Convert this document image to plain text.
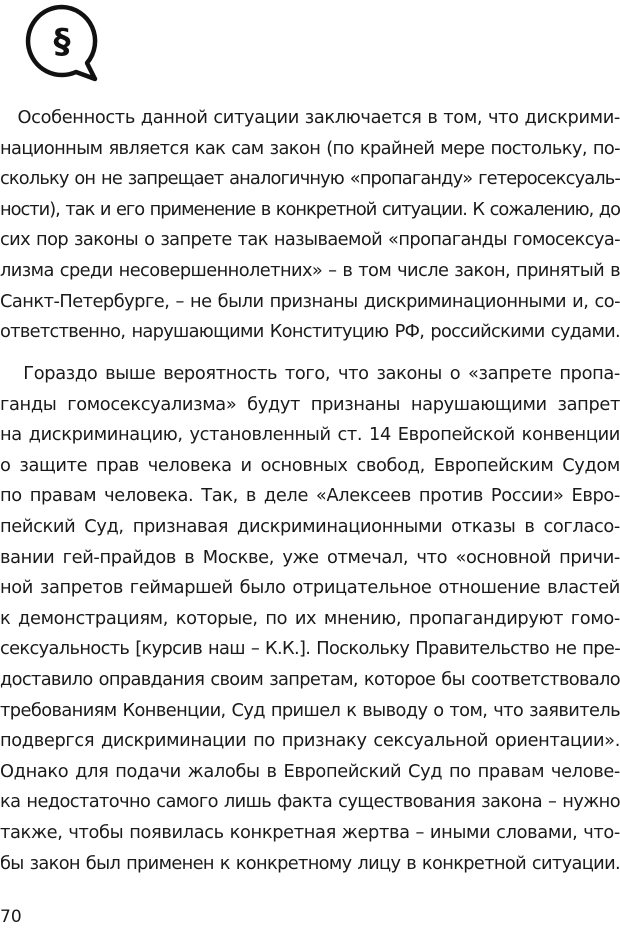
§
Особенность данной ситуации заключается в том, что дискрими-
национным является как сам закон (по крайней мере постольку, по-
скольку он не запрещает аналогичную «пропаганду» гетеросексуаль-
ности), так и его применение в конкретной ситуации. К сожалению, до
сих пор законы о запрете так называемой «пропаганды гомосексуа-
лизма среди несовершеннолетних» – в том числе закон, принятый в
Санкт-Петербурге, – не были признаны дискриминационными и, со-
ответственно, нарушающими Конституцию РФ, российскими судами.
Гораздо выше вероятность того, что законы о «запрете пропа-
ганды гомосексуализма» будут признаны нарушающими запрет
на дискриминацию, установленный ст. 14 Европейской конвенции
о защите прав человека и основных свобод, Европейским Судом
по правам человека. Так, в деле «Алексеев против России» Евро-
пейский Суд, признавая дискриминационными отказы в согласо-
вании гей-прайдов в Москве, уже отмечал, что «основной причи-
ной запретов геймаршей было отрицательное отношение властей
к демонстрациям, которые, по их мнению, пропагандируют гомо-
сексуальность [курсив наш – К.К.]. Поскольку Правительство не пре-
доставило оправдания своим запретам, которое бы соответствовало
требованиям Конвенции, Суд пришел к выводу о том, что заявитель
подвергся дискриминации по признаку сексуальной ориентации».
Однако для подачи жалобы в Европейский Суд по правам челове-
ка недостаточно самого лишь факта существования закона – нужно
также, чтобы появилась конкретная жертва – иными словами, что-
бы закон был применен к конкретному лицу в конкретной ситуации.
70
